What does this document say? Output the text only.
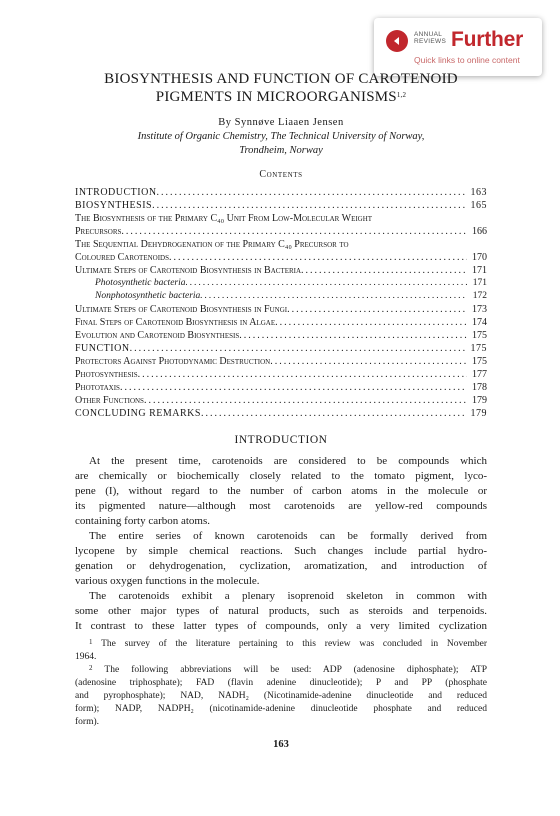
ANNUAL
REVIEWS Further
Quick links to online content
BIOSYNTHESIS AND FUNCTION OF CAROTENOID
PIGMENTS IN MICROORGANISMS$^{1,2}$
By Synnøve Liaaen Jensen
Institute of Organic Chemistry, The Technical University of Norway,
Trondheim, Norway
Contents
INTRODUCTION .....	163
BIOSYNTHESIS .....	165
The Biosynthesis of the Primary C₄₀ Unit From Low-Molecular Weight
Precursors .....	166
The Sequential Dehydrogenation of the Primary C₄₀ Precursor to
Coloured Carotenoids .....	170
Ultimate Steps of Carotenoid Biosynthesis in Bacteria .....	171
Photosynthetic bacteria .....	171
Nonphotosynthetic bacteria .....	172
Ultimate Steps of Carotenoid Biosynthesis in Fungi .....	173
Final Steps of Carotenoid Biosynthesis in Algae .....	174
Evolution and Carotenoid Biosynthesis .....	175
FUNCTION .....	175
Protectors Against Photodynamic Destruction .....	175
Photosynthesis .....	177
Phototaxis .....	178
Other Functions .....	179
CONCLUDING REMARKS .....	179
INTRODUCTION
At the present time, carotenoids are considered to be compounds which
are chemically or biochemically closely related to the tomato pigment, lyco-
pene (I), without regard to the number of carbon atoms in the molecule or
its pigmented nature—although most carotenoids are yellow-red compounds
containing forty carbon atoms.
The entire series of known carotenoids can be formally derived from
lycopene by simple chemical reactions. Such changes include partial hydro-
genation or dehydrogenation, cyclization, aromatization, and introduction of
various oxygen functions in the molecule.
The carotenoids exhibit a plenary isoprenoid skeleton in common with
some other major types of natural products, such as steroids and terpenoids.
It contrast to these latter types of compounds, only a very limited cyclization
$^1$ The survey of the literature pertaining to this review was concluded in November
1964.
$^2$ The following abbreviations will be used: ADP (adenosine diphosphate); ATP
(adenosine triphosphate); FAD (flavin adenine dinucleotide); P and PP (phosphate
and pyrophosphate); NAD, NADH₂ (Nicotinamide-adenine dinucleotide and reduced
form); NADP, NADPH₂ (nicotinamide-adenine dinucleotide phosphate and reduced
form).
163
